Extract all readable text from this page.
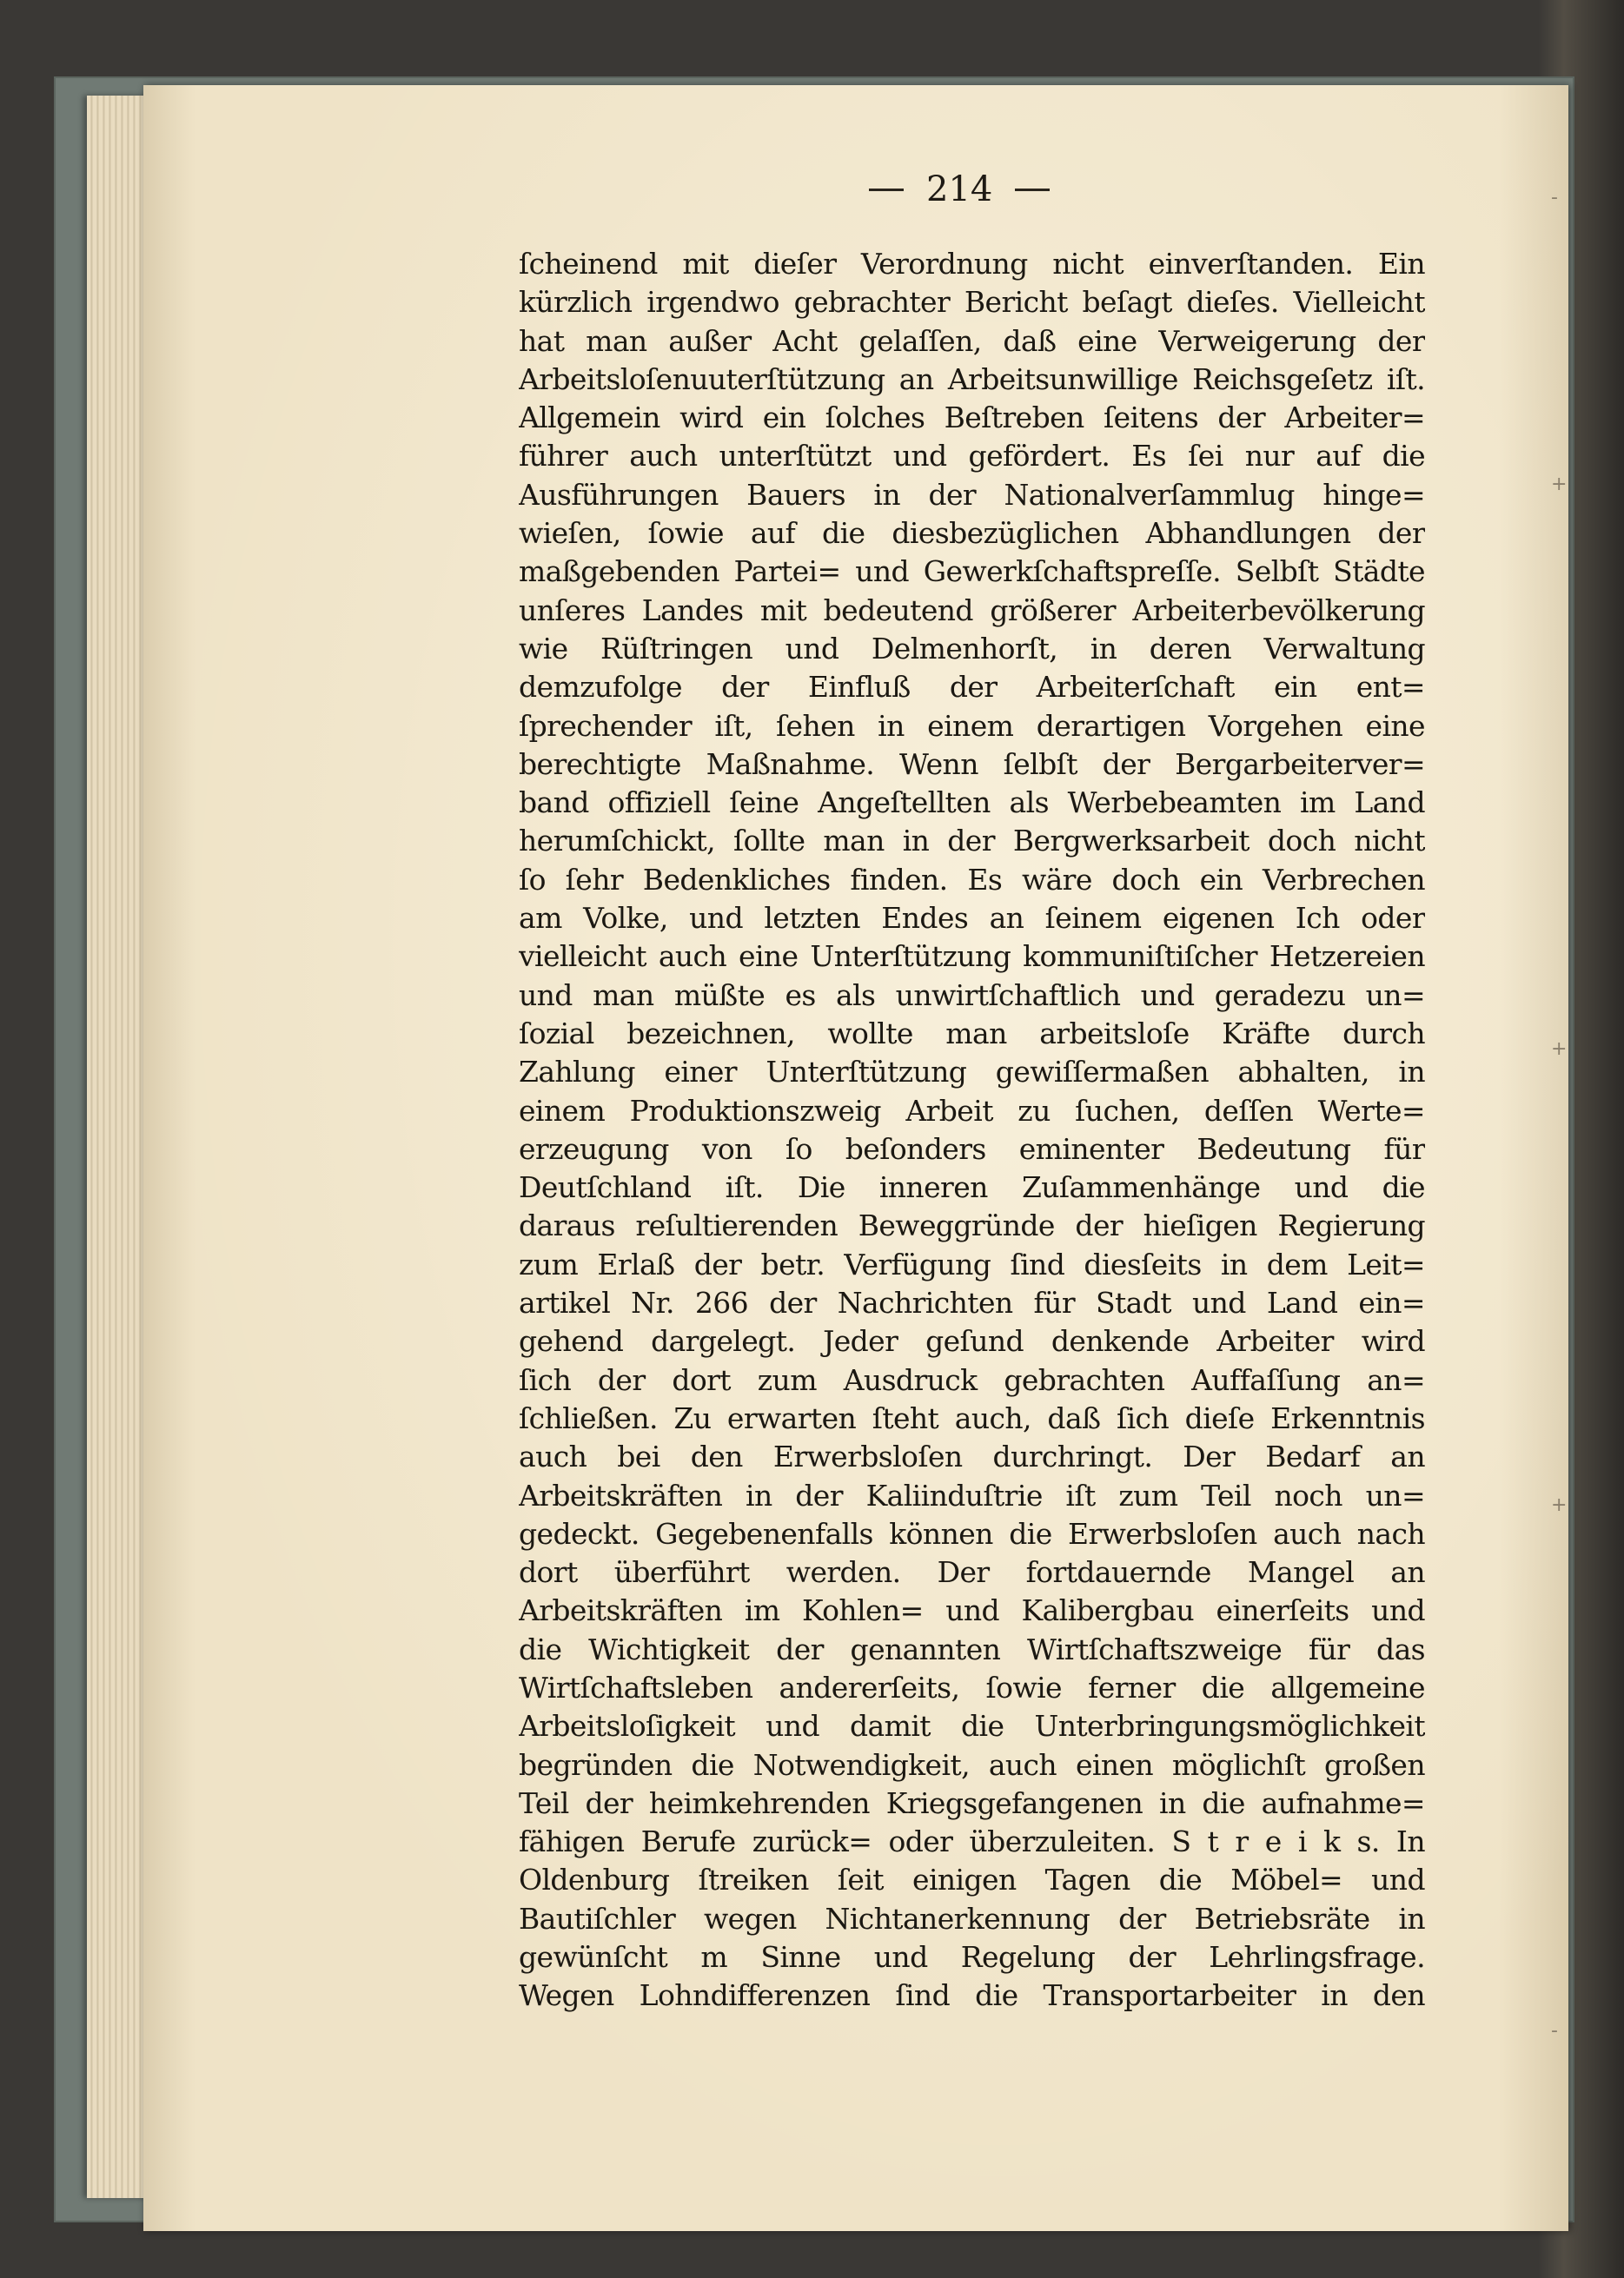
214
ſcheinend mit dieſer Verordnung nicht einverſtanden. Ein
kürzlich irgendwo gebrachter Bericht beſagt dieſes. Vielleicht
hat man außer Acht gelaſſen, daß eine Verweigerung der
Arbeitsloſenuuterſtützung an Arbeitsunwillige Reichsgeſetz iſt.
Allgemein wird ein ſolches Beſtreben ſeitens der Arbeiter=
führer auch unterſtützt und gefördert. Es ſei nur auf die
Ausführungen Bauers in der Nationalverſammlug hinge=
wieſen, ſowie auf die diesbezüglichen Abhandlungen der
maßgebenden Partei= und Gewerkſchaftspreſſe. Selbſt Städte
unſeres Landes mit bedeutend größerer Arbeiterbevölkerung
wie Rüſtringen und Delmenhorſt, in deren Verwaltung
demzufolge der Einfluß der Arbeiterſchaft ein ent=
ſprechender iſt, ſehen in einem derartigen Vorgehen eine
berechtigte Maßnahme. Wenn ſelbſt der Bergarbeiterver=
band offiziell ſeine Angeſtellten als Werbebeamten im Land
herumſchickt, ſollte man in der Bergwerksarbeit doch nicht
ſo ſehr Bedenkliches finden. Es wäre doch ein Verbrechen
am Volke, und letzten Endes an ſeinem eigenen Ich oder
vielleicht auch eine Unterſtützung kommuniſtiſcher Hetzereien
und man müßte es als unwirtſchaftlich und geradezu un=
ſozial bezeichnen, wollte man arbeitsloſe Kräfte durch
Zahlung einer Unterſtützung gewiſſermaßen abhalten, in
einem Produktionszweig Arbeit zu ſuchen, deſſen Werte=
erzeugung von ſo beſonders eminenter Bedeutung für
Deutſchland iſt. Die inneren Zuſammenhänge und die
daraus reſultierenden Beweggründe der hieſigen Regierung
zum Erlaß der betr. Verfügung ſind diesſeits in dem Leit=
artikel Nr. 266 der Nachrichten für Stadt und Land ein=
gehend dargelegt. Jeder geſund denkende Arbeiter wird
ſich der dort zum Ausdruck gebrachten Auffaſſung an=
ſchließen. Zu erwarten ſteht auch, daß ſich dieſe Erkenntnis
auch bei den Erwerbsloſen durchringt. Der Bedarf an
Arbeitskräften in der Kaliinduſtrie iſt zum Teil noch un=
gedeckt. Gegebenenfalls können die Erwerbsloſen auch nach
dort überführt werden. Der fortdauernde Mangel an
Arbeitskräften im Kohlen= und Kalibergbau einerſeits und
die Wichtigkeit der genannten Wirtſchaftszweige für das
Wirtſchaftsleben andererſeits, ſowie ferner die allgemeine
Arbeitsloſigkeit und damit die Unterbringungsmöglichkeit
begründen die Notwendigkeit, auch einen möglichſt großen
Teil der heimkehrenden Kriegsgefangenen in die aufnahme=
fähigen Berufe zurück= oder überzuleiten. S t r e i k s. In
Oldenburg ſtreiken ſeit einigen Tagen die Möbel= und
Bautiſchler wegen Nichtanerkennung der Betriebsräte in
gewünſcht m Sinne und Regelung der Lehrlingsfrage.
Wegen Lohndifferenzen ſind die Transportarbeiter in den
-
+
+
+
-
